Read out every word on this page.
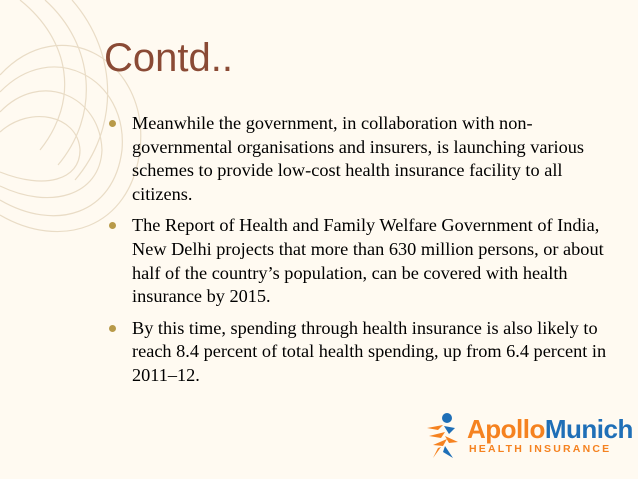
Contd..
Meanwhile the government, in collaboration with non-governmental organisations and insurers, is launching various schemes to provide low-cost health insurance facility to all citizens.
The Report of Health and Family Welfare Government of India, New Delhi projects that more than 630 million persons, or about half of the country’s population, can be covered with health insurance by 2015.
By this time, spending through health insurance is also likely to reach 8.4 percent of total health spending, up from 6.4 percent in 2011–12.
ApolloMunich
HEALTH INSURANCE
